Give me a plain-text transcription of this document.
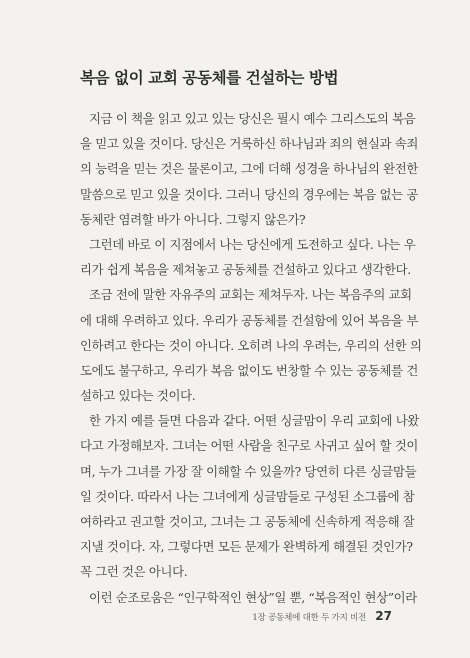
복음 없이 교회 공동체를 건설하는 방법
지금 이 책을 읽고 있고 있는 당신은 필시 예수 그리스도의 복음
을 믿고 있을 것이다. 당신은 거룩하신 하나님과 죄의 현실과 속죄
의 능력을 믿는 것은 물론이고, 그에 더해 성경을 하나님의 완전한
말씀으로 믿고 있을 것이다. 그러니 당신의 경우에는 복음 없는 공
동체란 염려할 바가 아니다. 그렇지 않은가?
그런데 바로 이 지점에서 나는 당신에게 도전하고 싶다. 나는 우
리가 쉽게 복음을 제쳐놓고 공동체를 건설하고 있다고 생각한다.
조금 전에 말한 자유주의 교회는 제쳐두자. 나는 복음주의 교회
에 대해 우려하고 있다. 우리가 공동체를 건설함에 있어 복음을 부
인하려고 한다는 것이 아니다. 오히려 나의 우려는, 우리의 선한 의
도에도 불구하고, 우리가 복음 없이도 번창할 수 있는 공동체를 건
설하고 있다는 것이다.
한 가지 예를 들면 다음과 같다. 어떤 싱글맘이 우리 교회에 나왔
다고 가정해보자. 그녀는 어떤 사람을 친구로 사귀고 싶어 할 것이
며, 누가 그녀를 가장 잘 이해할 수 있을까? 당연히 다른 싱글맘들
일 것이다. 따라서 나는 그녀에게 싱글맘들로 구성된 소그룹에 참
여하라고 권고할 것이고, 그녀는 그 공동체에 신속하게 적응해 잘
지낼 것이다. 자, 그렇다면 모든 문제가 완벽하게 해결된 것인가?
꼭 그런 것은 아니다.
이런 순조로움은 “인구학적인 현상”일 뿐, “복음적인 현상”이라
1장 공동체에 대한 두 가지 비전 27
